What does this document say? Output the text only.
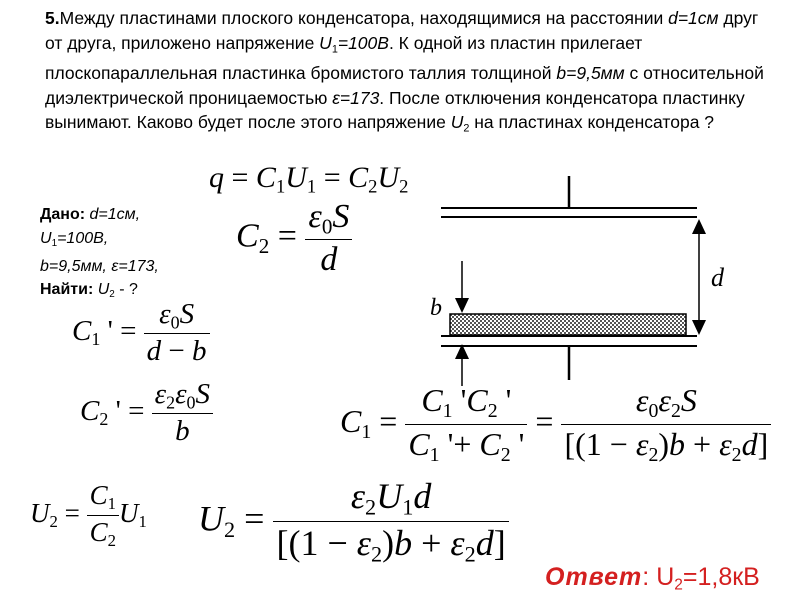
5.Между пластинами плоского конденсатора, находящимися на расстоянии d=1см друг от друга, приложено напряжение $U_1=100В$. К одной из пластин прилегает плоскопараллельная пластинка бромистого таллия толщиной b=9,5мм с относительной диэлектрической проницаемостью ε=173. После отключения конденсатора пластинку вынимают. Каково будет после этого напряжение $U_2$ на пластинах конденсатора ?
Дано: d=1см,
$U_1=100В$,
b=9,5мм, ε=173,
Найти: $U_2$ - ?
$q = C_1U_1 = C_2U_2$
$C_2 = \frac{\varepsilon_0S}{d}$
$C_1$ ' = $\frac{\varepsilon_0S}{d - b}$
$C_2$ ' = $\frac{\varepsilon_2\varepsilon_0S}{b}$	$C_1 = \frac{C_1 'C_2 '}{C_1 '+ C_2 '} = \frac{\varepsilon_0\varepsilon_2S}{[(1 - \varepsilon_2)b + \varepsilon_2d]}$
$U_2 = \frac{C_1}{C_2} U_1$ $U_2 = \frac{\varepsilon_2U_1d}{[(1 - \varepsilon_2)b + \varepsilon_2d]}$
d
b
Ответ: $U_2=1,8кВ$
